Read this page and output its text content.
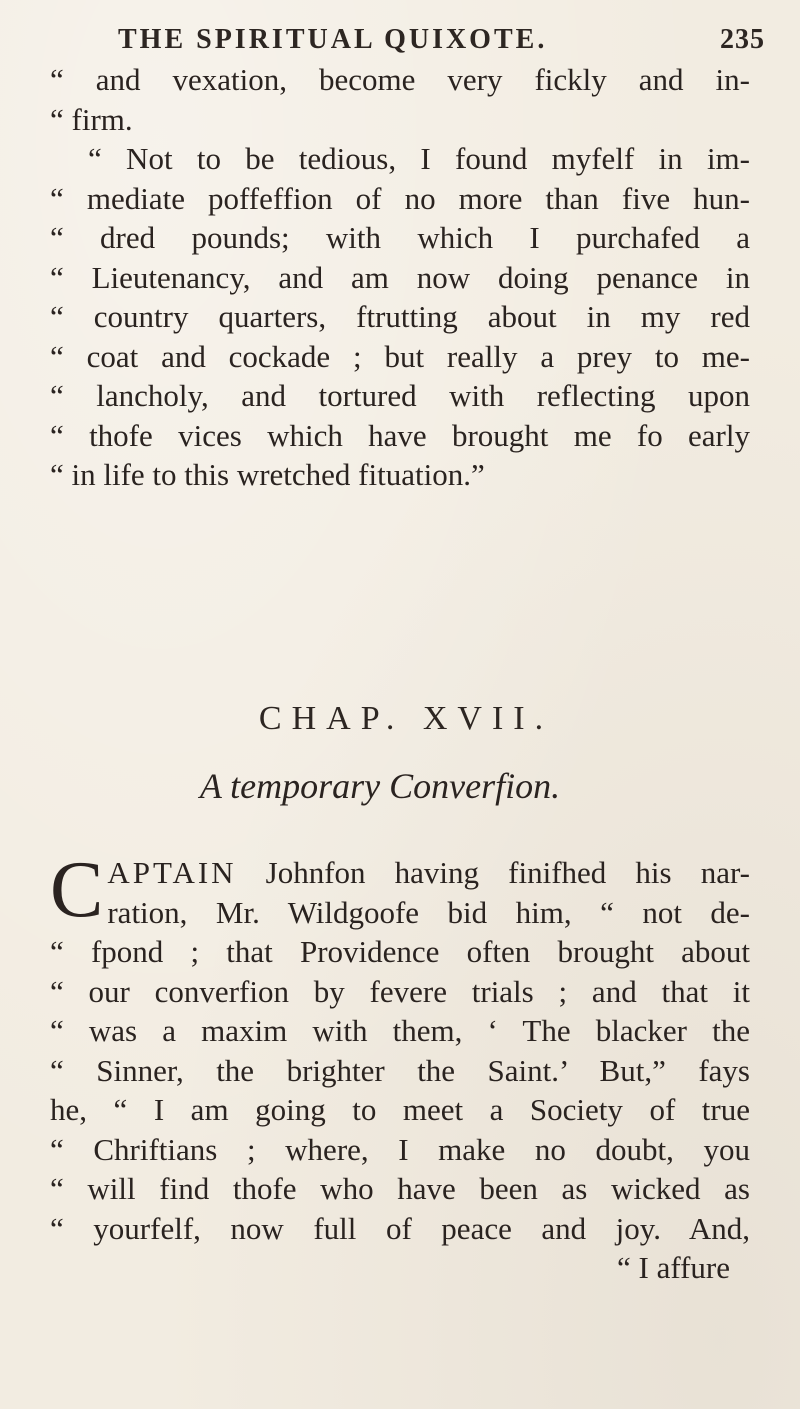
THE SPIRITUAL QUIXOTE.	235
“ and vexation, become very fickly and in-
“ firm.
“ Not to be tedious, I found myfelf in im-
“ mediate poffeffion of no more than five hun-
“ dred pounds; with which I purchafed a
“ Lieutenancy, and am now doing penance in
“ country quarters, ftrutting about in my red
“ coat and cockade ; but really a prey to me-
“ lancholy, and tortured with reflecting upon
“ thofe vices which have brought me fo early
“ in life to this wretched fituation.”
CHAP. XVII.
A temporary Converfion.
C APTAIN Johnfon having finifhed his nar-
ration, Mr. Wildgoofe bid him, “ not de-
“ fpond ; that Providence often brought about
“ our converfion by fevere trials ; and that it
“ was a maxim with them, ‘ The blacker the
“ Sinner, the brighter the Saint.’ But,” fays
he, “ I am going to meet a Society of true
“ Chriftians ; where, I make no doubt, you
“ will find thofe who have been as wicked as
“ yourfelf, now full of peace and joy. And,
“ I affure
